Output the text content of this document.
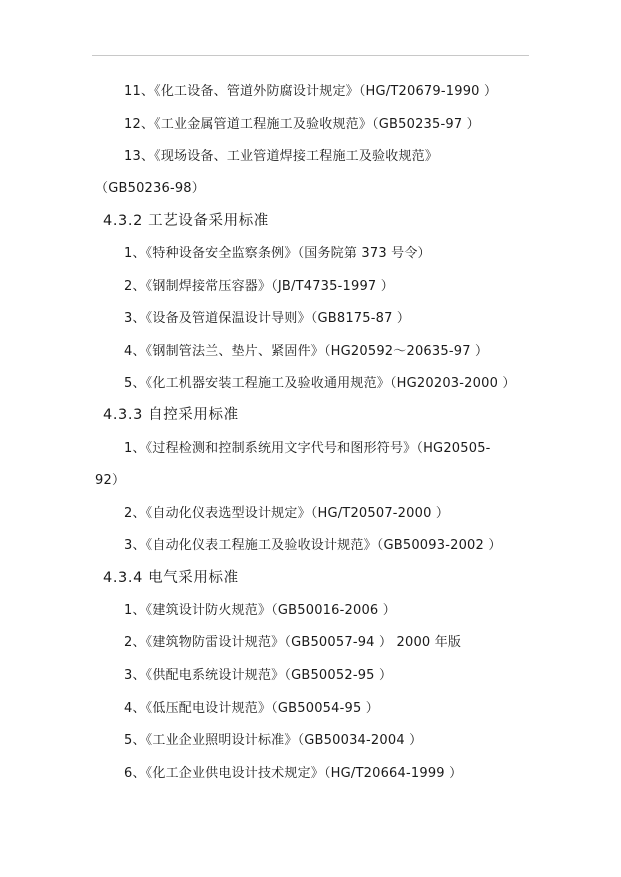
11、《化工设备、管道外防腐设计规定》（HG/T20679-1990 ）
12、《工业金属管道工程施工及验收规范》（GB50235-97 ）
13、《现场设备、工业管道焊接工程施工及验收规范》
（GB50236-98）
4.3.2 工艺设备采用标准
1、《特种设备安全监察条例》（国务院第 373 号令）
2、《钢制焊接常压容器》（JB/T4735-1997 ）
3、《设备及管道保温设计导则》（GB8175-87 ）
4、《钢制管法兰、垫片、紧固件》（HG20592～20635-97 ）
5、《化工机器安装工程施工及验收通用规范》（HG20203-2000 ）
4.3.3 自控采用标准
1、《过程检测和控制系统用文字代号和图形符号》（HG20505-
92）
2、《自动化仪表选型设计规定》（HG/T20507-2000 ）
3、《自动化仪表工程施工及验收设计规范》（GB50093-2002 ）
4.3.4 电气采用标准
1、《建筑设计防火规范》（GB50016-2006 ）
2、《建筑物防雷设计规范》（GB50057-94 ） 2000 年版
3、《供配电系统设计规范》（GB50052-95 ）
4、《低压配电设计规范》（GB50054-95 ）
5、《工业企业照明设计标准》（GB50034-2004 ）
6、《化工企业供电设计技术规定》（HG/T20664-1999 ）
